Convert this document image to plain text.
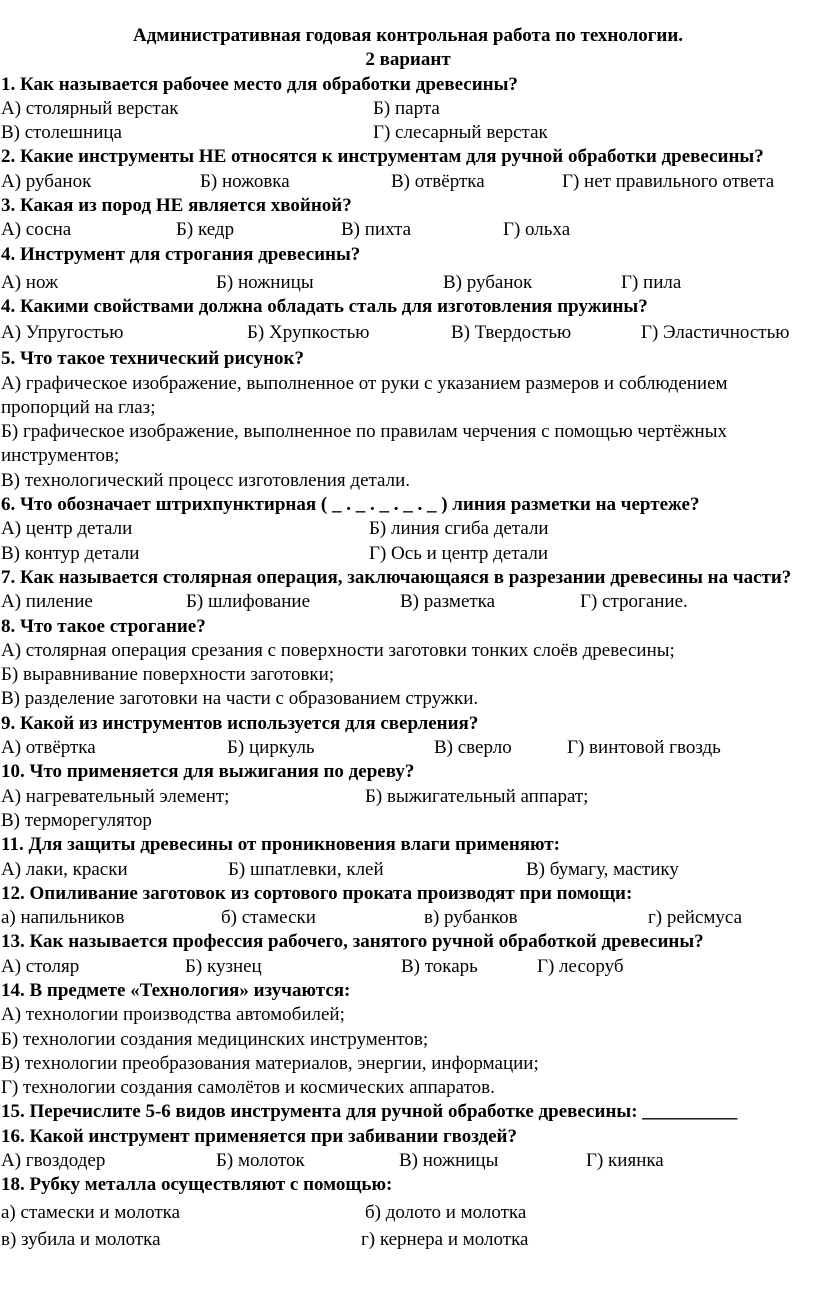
Административная годовая контрольная работа по технологии.

2 вариант

1. Как называется рабочее место для обработки древесины?

А) столярный верстак	Б) парта
В) столешница	Г) слесарный верстак

2. Какие инструменты НЕ относятся к инструментам для ручной обработки древесины?

А) рубанок	Б) ножовка	В) отвёртка	Г) нет правильного ответа

3. Какая из пород НЕ является хвойной?

А) сосна	Б) кедр	В) пихта	Г) ольха

4. Инструмент для строгания древесины?

А) нож	Б) ножницы	В) рубанок	Г) пила

4. Какими свойствами должна обладать сталь для изготовления пружины?

А) Упругостью	Б) Хрупкостью	В) Твердостью	Г) Эластичностью

5. Что такое технический рисунок?

А) графическое изображение, выполненное от руки с указанием размеров и соблюдением пропорций на глаз;

Б) графическое изображение, выполненное по правилам черчения с помощью чертёжных инструментов;

В) технологический процесс изготовления детали.

6. Что обозначает штрихпунктирная ( _ . _ . _ . _ . _ ) линия разметки на чертеже?

А) центр детали	Б) линия сгиба детали
В) контур детали	Г) Ось и центр детали

7. Как называется столярная операция, заключающаяся в разрезании древесины на части?

А) пиление	Б) шлифование	В) разметка	Г) строгание.

8. Что такое строгание?

А) столярная операция срезания с поверхности заготовки тонких слоёв древесины;

Б) выравнивание поверхности заготовки;

В) разделение заготовки на части с образованием стружки.

9. Какой из инструментов используется для сверления?

А) отвёртка	Б) циркуль	В) сверло	Г) винтовой гвоздь

10. Что применяется для выжигания по дереву?

А) нагревательный элемент;	Б) выжигательный аппарат;

В) терморегулятор

11. Для защиты древесины от проникновения влаги применяют:

А) лаки, краски	Б) шпатлевки, клей	В) бумагу, мастику

12. Опиливание заготовок из сортового проката производят при помощи:

а) напильников	б) стамески	в) рубанков	г) рейсмуса

13. Как называется профессия рабочего, занятого ручной обработкой древесины?

А) столяр	Б) кузнец	В) токарь	Г) лесоруб

14. В предмете «Технология» изучаются:

А) технологии производства автомобилей;

Б) технологии создания медицинских инструментов;

В) технологии преобразования материалов, энергии, информации;

Г) технологии создания самолётов и космических аппаратов.

15. Перечислите 5-6 видов инструмента для ручной обработке древесины: __________

16. Какой инструмент применяется при забивании гвоздей?

А) гвоздодер	Б) молоток	В) ножницы	Г) киянка

18. Рубку металла осуществляют с помощью:

а) стамески и молотка	б) долото и молотка
в) зубила и молотка	г) кернера и молотка
